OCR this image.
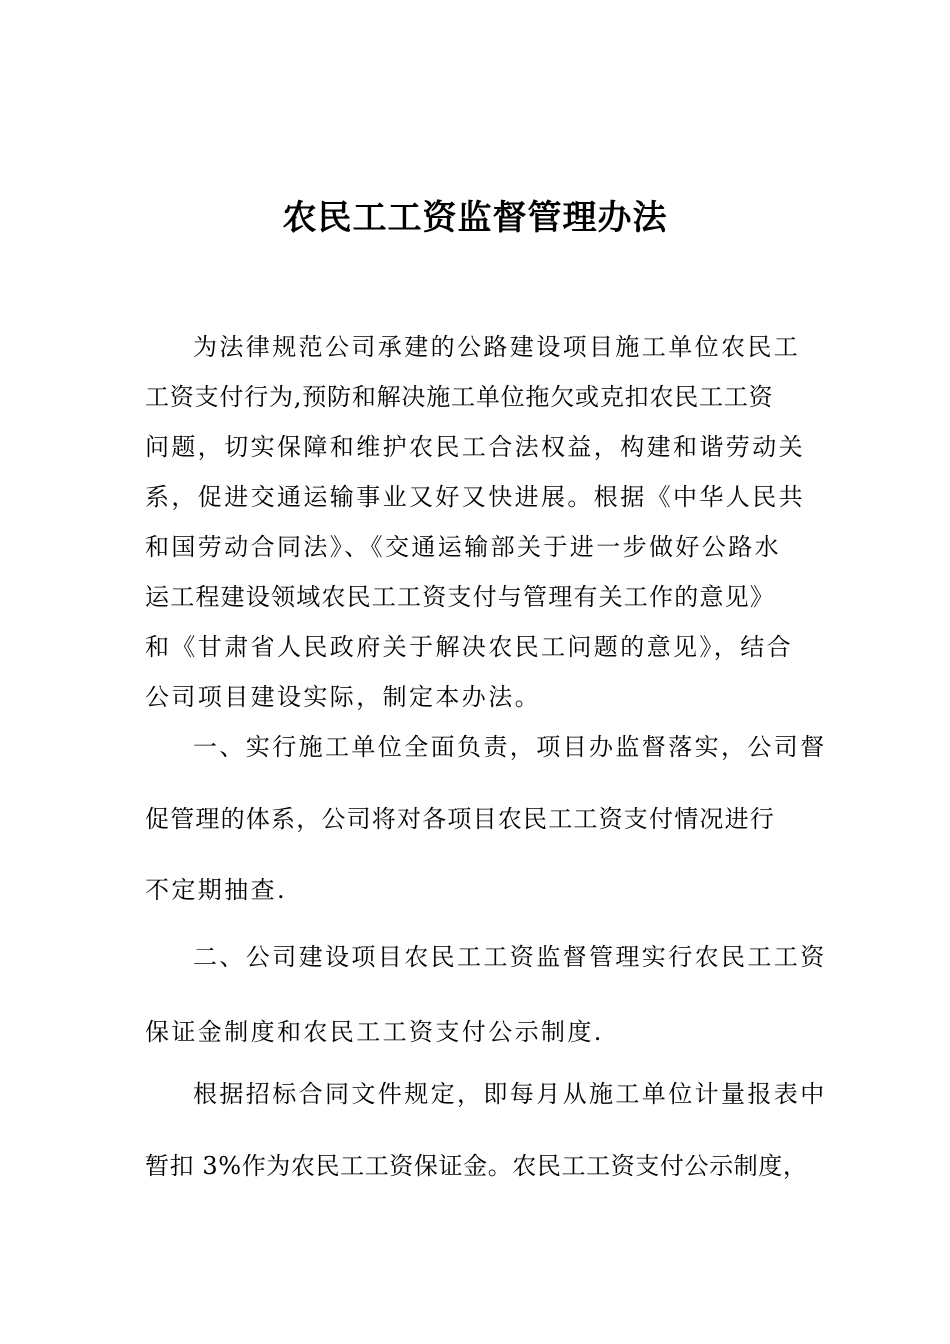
农民工工资监督管理办法
为法律规范公司承建的公路建设项目施工单位农民工
工资支付行为,预防和解决施工单位拖欠或克扣农民工工资
问题，切实保障和维护农民工合法权益，构建和谐劳动关
系，促进交通运输事业又好又快进展。根据《中华人民共
和国劳动合同法》、《交通运输部关于进一步做好公路水
运工程建设领域农民工工资支付与管理有关工作的意见》
和《甘肃省人民政府关于解决农民工问题的意见》，结合
公司项目建设实际，制定本办法。
一、实行施工单位全面负责，项目办监督落实，公司督
促管理的体系，公司将对各项目农民工工资支付情况进行
不定期抽查.
二、公司建设项目农民工工资监督管理实行农民工工资
保证金制度和农民工工资支付公示制度.
根据招标合同文件规定，即每月从施工单位计量报表中
暂扣 3%作为农民工工资保证金。农民工工资支付公示制度，
